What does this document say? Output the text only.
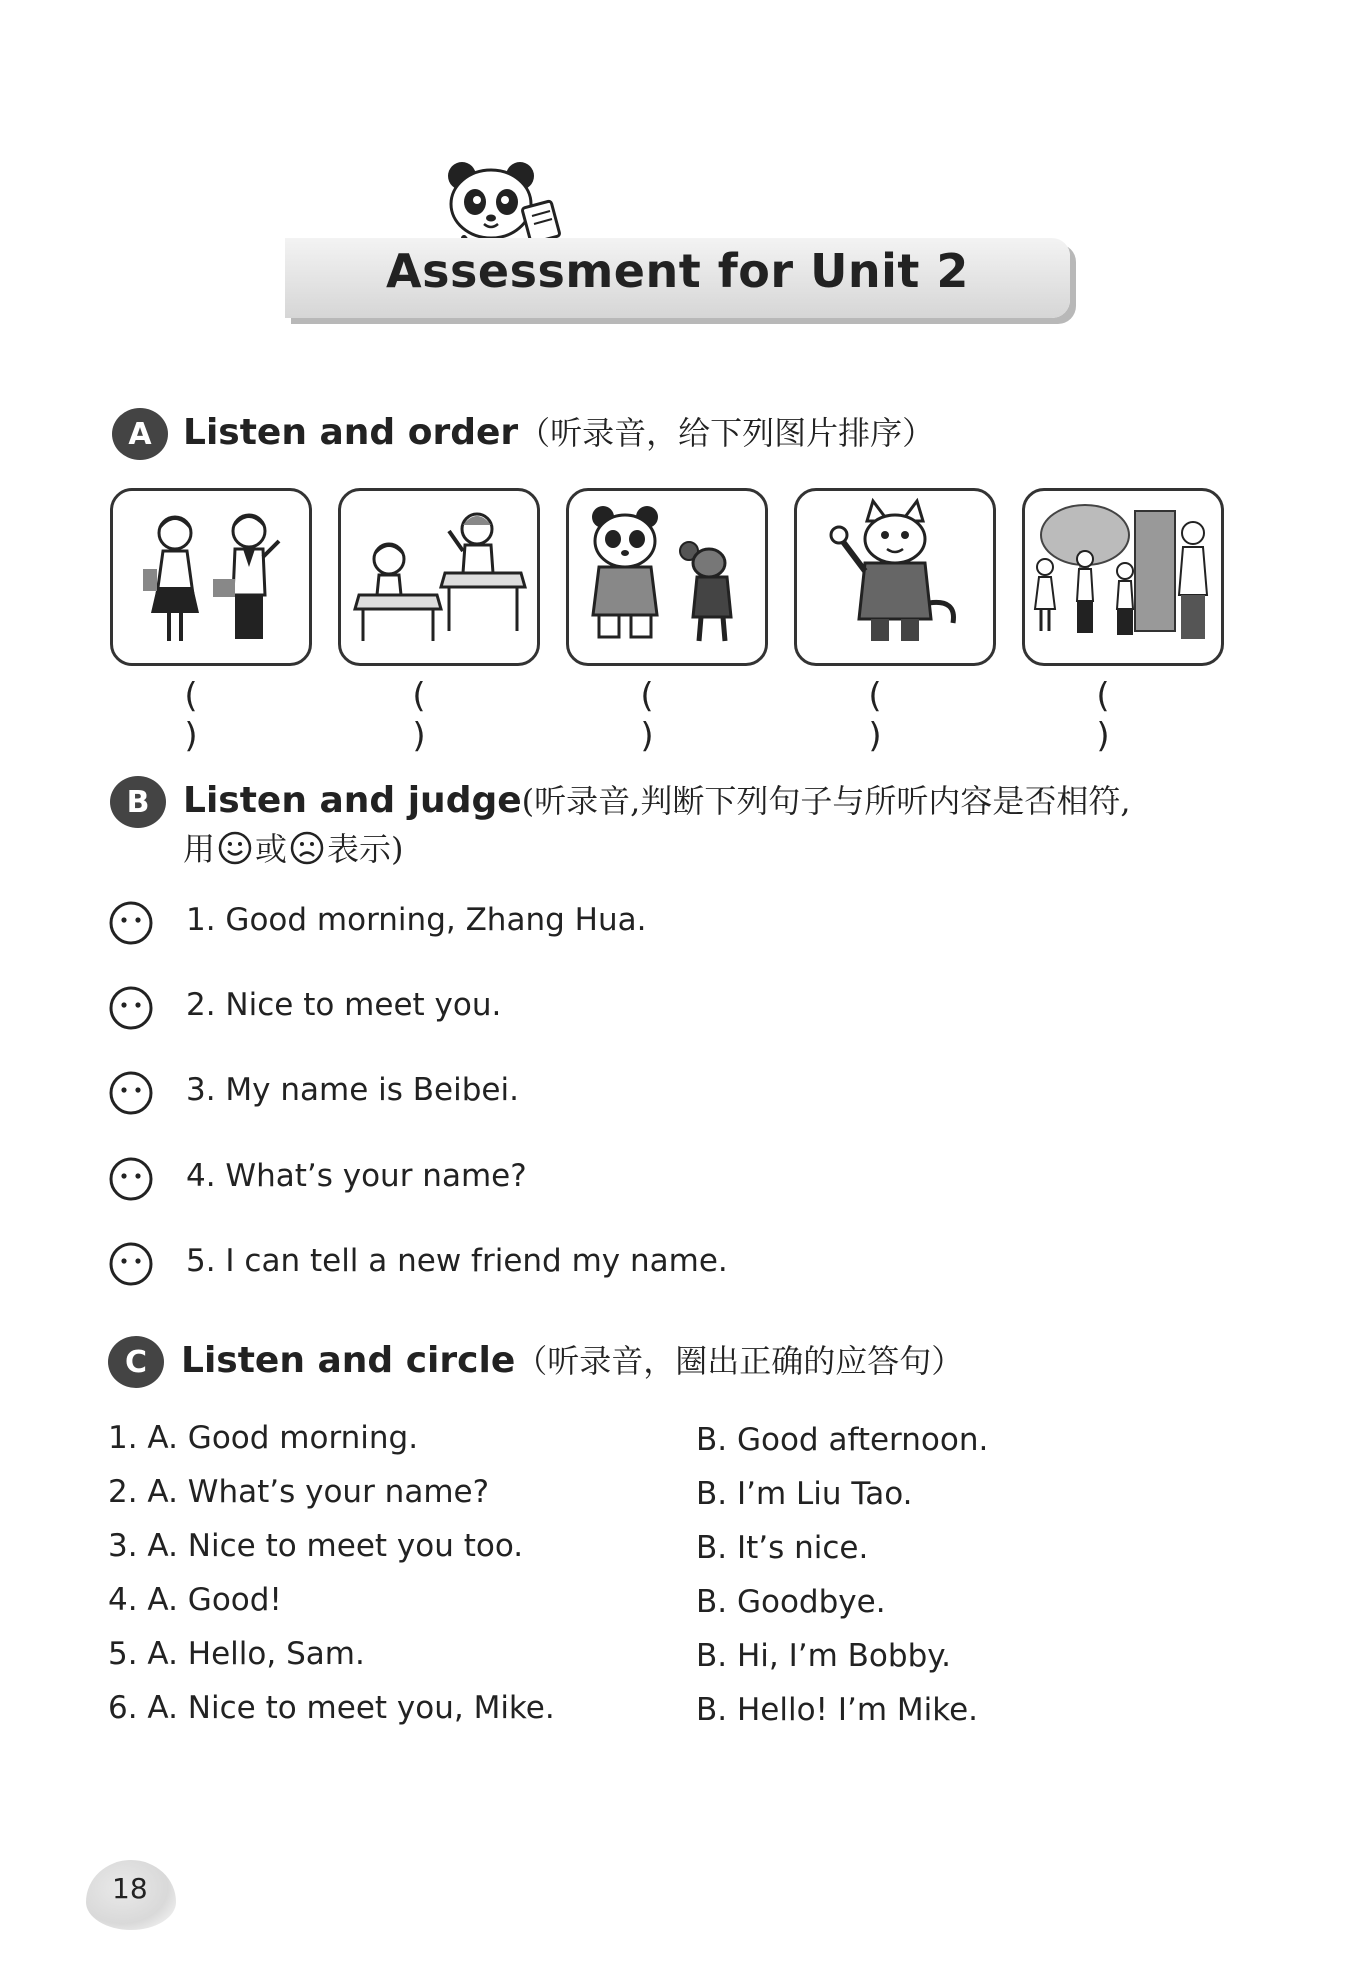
Assessment for Unit 2
A Listen and order（听录音，给下列图片排序）
( )
( )
( )
( )
( )
B Listen and judge(听录音,判断下列句子与所听内容是否相符,
用 或 表示)
1. Good morning, Zhang Hua.
2. Nice to meet you.
3. My name is Beibei.
4. What’s your name?
5. I can tell a new friend my name.
C Listen and circle（听录音，圈出正确的应答句）
1. A. Good morning.	B. Good afternoon.
2. A. What’s your name?	B. I’m Liu Tao.
3. A. Nice to meet you too.	B. It’s nice.
4. A. Good!	B. Goodbye.
5. A. Hello, Sam.	B. Hi, I’m Bobby.
6. A. Nice to meet you, Mike.	B. Hello! I’m Mike.
18
